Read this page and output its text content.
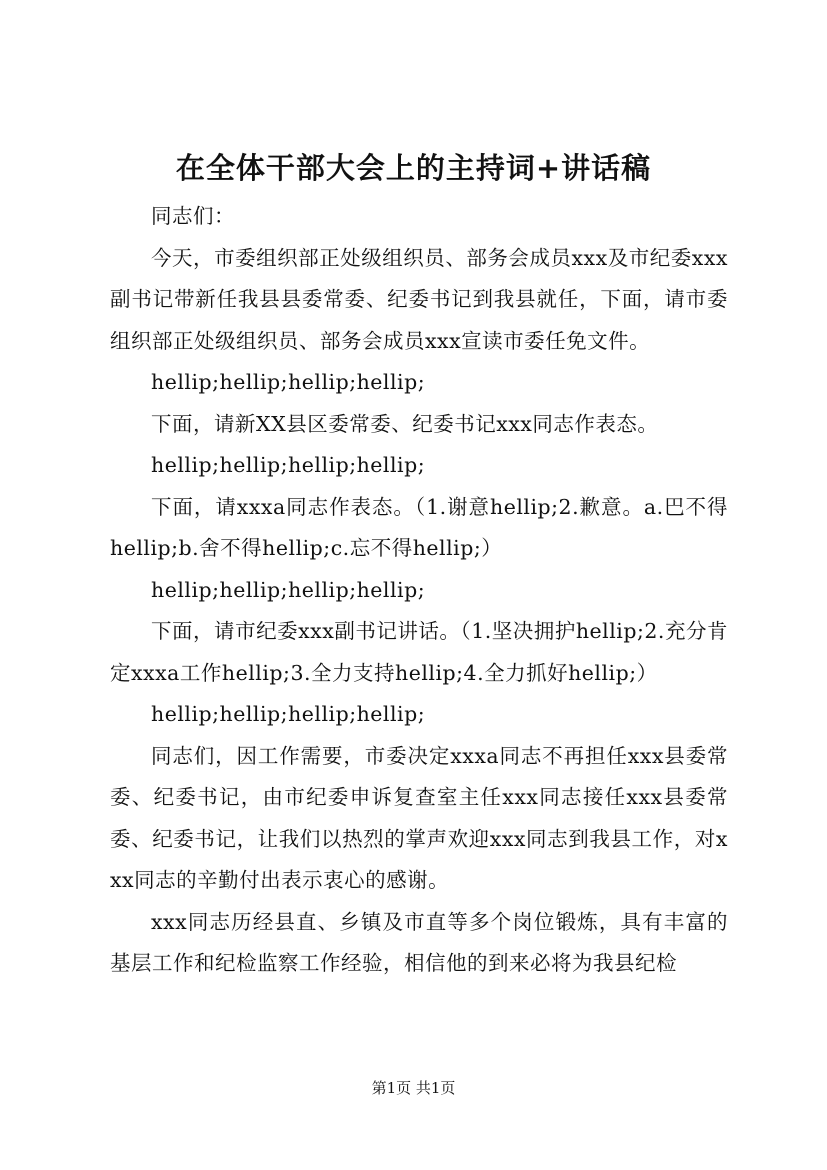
在全体干部大会上的主持词+讲话稿

同志们：

今天，市委组织部正处级组织员、部务会成员xxx及市纪委xxx副书记带新任我县县委常委、纪委书记到我县就任，下面，请市委组织部正处级组织员、部务会成员xxx宣读市委任免文件。

hellip;hellip;hellip;hellip;

下面，请新XX县区委常委、纪委书记xxx同志作表态。

hellip;hellip;hellip;hellip;

下面，请xxxa同志作表态。（1.谢意hellip;2.歉意。a.巴不得hellip;b.舍不得hellip;c.忘不得hellip;）

hellip;hellip;hellip;hellip;

下面，请市纪委xxx副书记讲话。（1.坚决拥护hellip;2.充分肯定xxxa工作hellip;3.全力支持hellip;4.全力抓好hellip;）

hellip;hellip;hellip;hellip;

同志们，因工作需要，市委决定xxxa同志不再担任xxx县委常委、纪委书记，由市纪委申诉复查室主任xxx同志接任xxx县委常委、纪委书记，让我们以热烈的掌声欢迎xxx同志到我县工作，对xxx同志的辛勤付出表示衷心的感谢。

xxx同志历经县直、乡镇及市直等多个岗位锻炼，具有丰富的基层工作和纪检监察工作经验，相信他的到来必将为我县纪检

第1页 共1页
